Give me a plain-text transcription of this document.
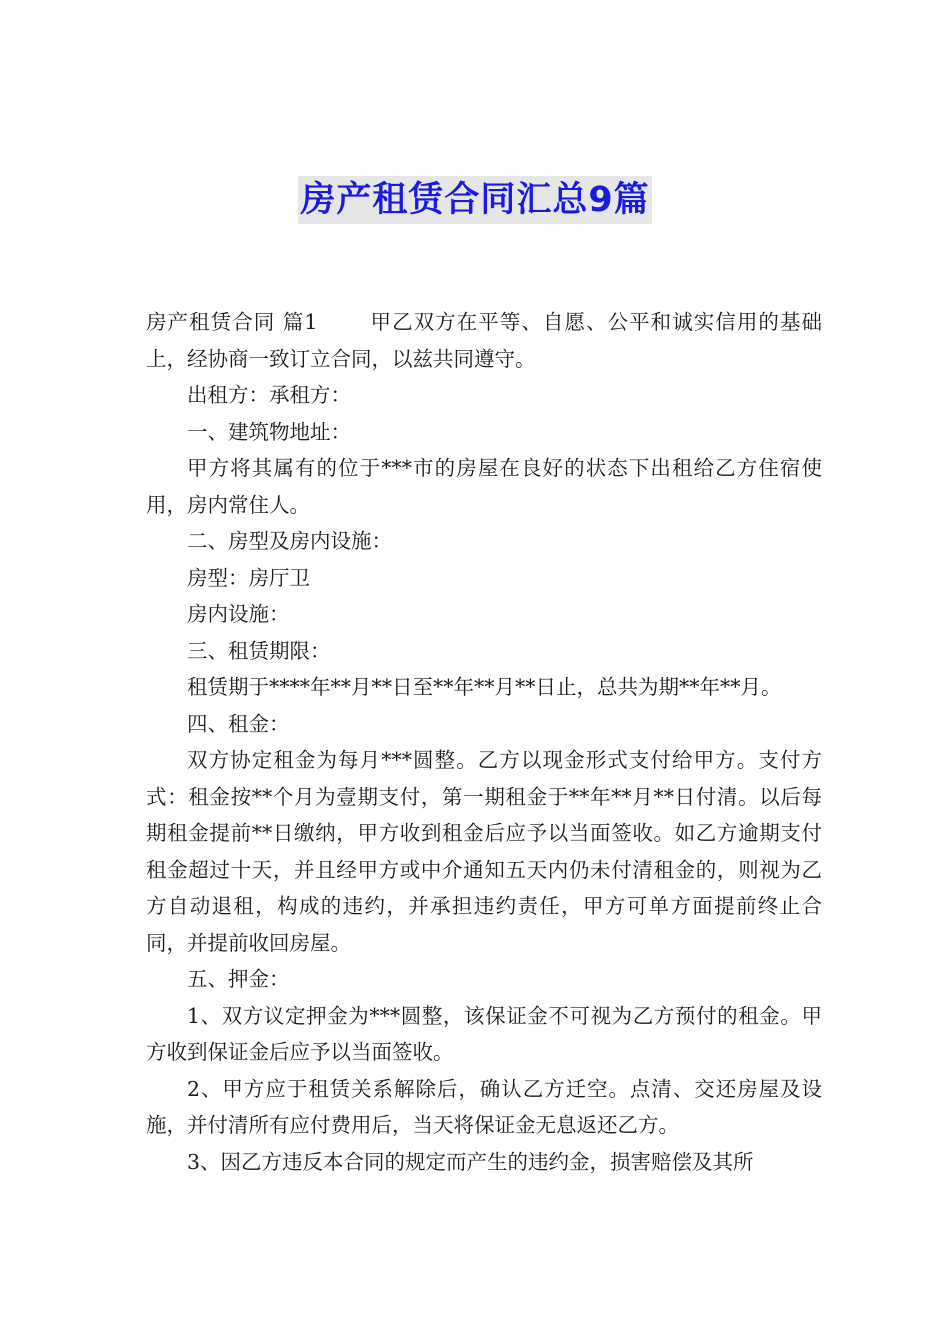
房产租赁合同汇总9篇

房产租赁合同 篇1	甲乙双方在平等、自愿、公平和诚实信用的基础上，经协商一致订立合同，以兹共同遵守。

出租方：承租方：

一、建筑物地址：

甲方将其属有的位于***市的房屋在良好的状态下出租给乙方住宿使用，房内常住人。

二、房型及房内设施：

房型：房厅卫

房内设施：

三、租赁期限：

租赁期于****年**月**日至**年**月**日止，总共为期**年**月。

四、租金：

双方协定租金为每月***圆整。乙方以现金形式支付给甲方。支付方式：租金按**个月为壹期支付，第一期租金于**年**月**日付清。以后每期租金提前**日缴纳，甲方收到租金后应予以当面签收。如乙方逾期支付租金超过十天，并且经甲方或中介通知五天内仍未付清租金的，则视为乙方自动退租，构成的违约，并承担违约责任，甲方可单方面提前终止合同，并提前收回房屋。

五、押金：

1、双方议定押金为***圆整，该保证金不可视为乙方预付的租金。甲方收到保证金后应予以当面签收。

2、甲方应于租赁关系解除后，确认乙方迁空。点清、交还房屋及设施，并付清所有应付费用后，当天将保证金无息返还乙方。

3、因乙方违反本合同的规定而产生的违约金，损害赔偿及其所
